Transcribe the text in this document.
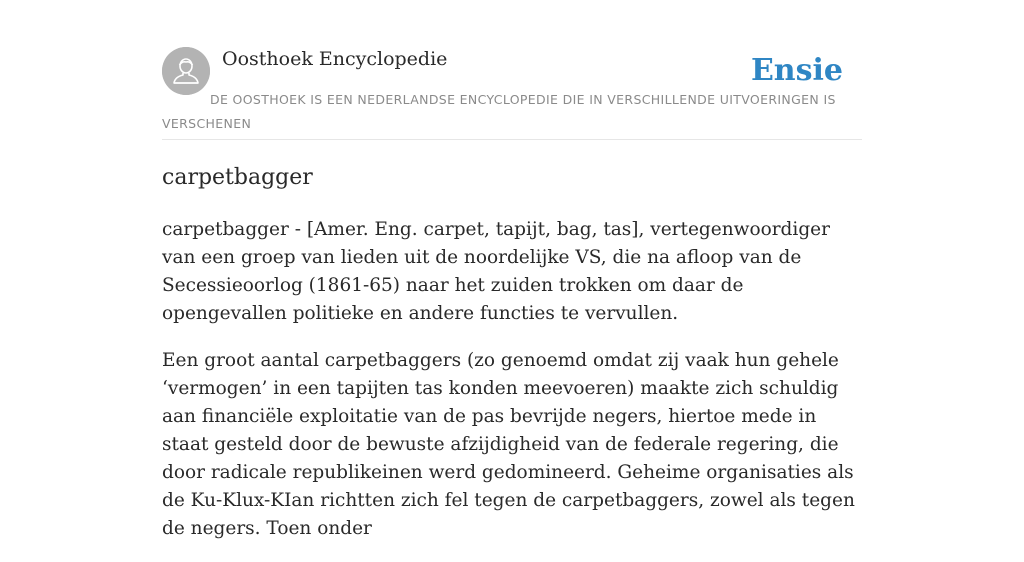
Oosthoek Encyclopedie	Ensie

DE OOSTHOEK IS EEN NEDERLANDSE ENCYCLOPEDIE DIE IN VERSCHILLENDE UITVOERINGEN IS VERSCHENEN

carpetbagger

carpetbagger - [Amer. Eng. carpet, tapijt, bag, tas], vertegenwoordiger van een groep van lieden uit de noordelijke VS, die na afloop van de Secessieoorlog (1861-65) naar het zuiden trokken om daar de opengevallen politieke en andere functies te vervullen.

Een groot aantal carpetbaggers (zo genoemd omdat zij vaak hun gehele ‘vermogen’ in een tapijten tas konden meevoeren) maakte zich schuldig aan financiële exploitatie van de pas bevrijde negers, hiertoe mede in staat gesteld door de bewuste afzijdigheid van de federale regering, die door radicale republikeinen werd gedomineerd. Geheime organisaties als de Ku-Klux-KIan richtten zich fel tegen de carpetbaggers, zowel als tegen de negers. Toen onder
